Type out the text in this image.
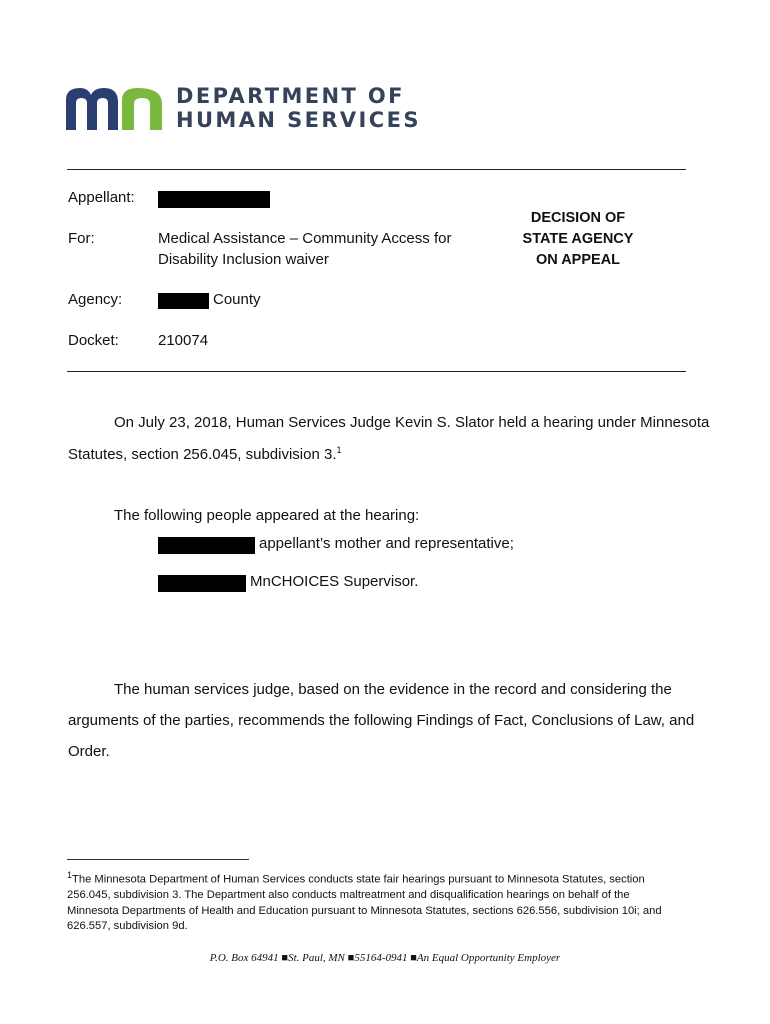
DEPARTMENT OF
HUMAN SERVICES
Appellant:
For:	Medical Assistance – Community Access for
Disability Inclusion waiver
DECISION OF
STATE AGENCY
ON APPEAL
Agency:	County
Docket:	210074
On July 23, 2018, Human Services Judge Kevin S. Slator held a hearing under Minnesota
Statutes, section 256.045, subdivision 3.$^1$
The following people appeared at the hearing:
appellant’s mother and representative;
MnCHOICES Supervisor.
The human services judge, based on the evidence in the record and considering the
arguments of the parties, recommends the following Findings of Fact, Conclusions of Law, and
Order.
$^1$The Minnesota Department of Human Services conducts state fair hearings pursuant to Minnesota Statutes, section
256.045, subdivision 3. The Department also conducts maltreatment and disqualification hearings on behalf of the
Minnesota Departments of Health and Education pursuant to Minnesota Statutes, sections 626.556, subdivision 10i; and
626.557, subdivision 9d.
P.O. Box 64941 ■St. Paul, MN ■55164-0941 ■An Equal Opportunity Employer
